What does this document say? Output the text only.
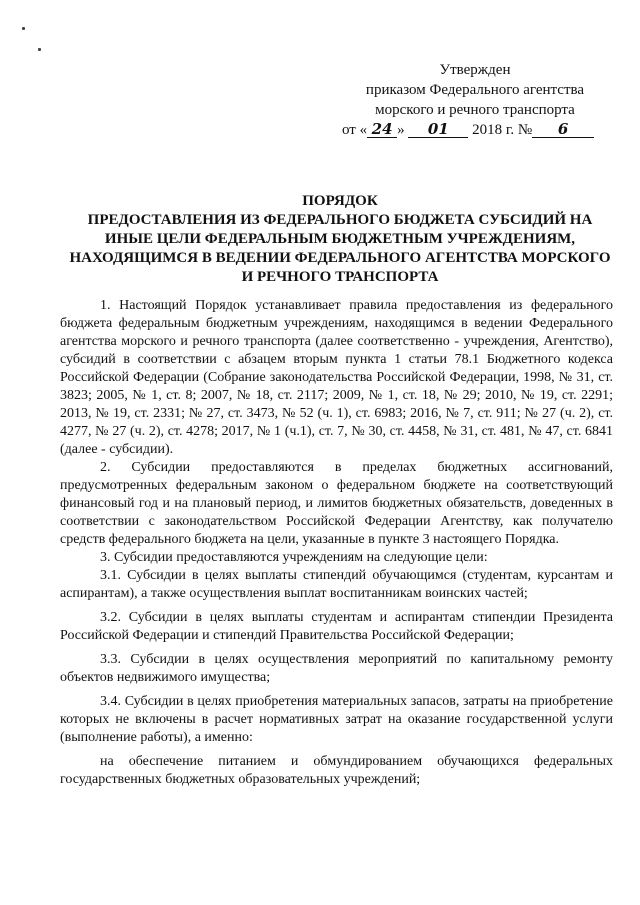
Утвержден
приказом Федерального агентства
морского и речного транспорта
от « 24 » 01 2018 г. № 6
ПОРЯДОК
ПРЕДОСТАВЛЕНИЯ ИЗ ФЕДЕРАЛЬНОГО БЮДЖЕТА СУБСИДИЙ НА
ИНЫЕ ЦЕЛИ ФЕДЕРАЛЬНЫМ БЮДЖЕТНЫМ УЧРЕЖДЕНИЯМ,
НАХОДЯЩИМСЯ В ВЕДЕНИИ ФЕДЕРАЛЬНОГО АГЕНТСТВА МОРСКОГО
И РЕЧНОГО ТРАНСПОРТА

1. Настоящий Порядок устанавливает правила предоставления из федерального бюджета федеральным бюджетным учреждениям, находящимся в ведении Федерального агентства морского и речного транспорта (далее соответственно - учреждения, Агентство), субсидий в соответствии с абзацем вторым пункта 1 статьи 78.1 Бюджетного кодекса Российской Федерации (Собрание законодательства Российской Федерации, 1998, № 31, ст. 3823; 2005, № 1, ст. 8; 2007, № 18, ст. 2117; 2009, № 1, ст. 18, № 29; 2010, № 19, ст. 2291; 2013, № 19, ст. 2331; № 27, ст. 3473, № 52 (ч. 1), ст. 6983; 2016, № 7, ст. 911; № 27 (ч. 2), ст. 4277, № 27 (ч. 2), ст. 4278; 2017, № 1 (ч.1), ст. 7, № 30, ст. 4458, № 31, ст. 481, № 47, ст. 6841 (далее - субсидии).

2. Субсидии предоставляются в пределах бюджетных ассигнований, предусмотренных федеральным законом о федеральном бюджете на соответствующий финансовый год и на плановый период, и лимитов бюджетных обязательств, доведенных в соответствии с законодательством Российской Федерации Агентству, как получателю средств федерального бюджета на цели, указанные в пункте 3 настоящего Порядка.

3. Субсидии предоставляются учреждениям на следующие цели:

3.1. Субсидии в целях выплаты стипендий обучающимся (студентам, курсантам и аспирантам), а также осуществления выплат воспитанникам воинских частей;

3.2. Субсидии в целях выплаты студентам и аспирантам стипендии Президента Российской Федерации и стипендий Правительства Российской Федерации;

3.3. Субсидии в целях осуществления мероприятий по капитальному ремонту объектов недвижимого имущества;

3.4. Субсидии в целях приобретения материальных запасов, затраты на приобретение которых не включены в расчет нормативных затрат на оказание государственной услуги (выполнение работы), а именно:

на обеспечение питанием и обмундированием обучающихся федеральных государственных бюджетных образовательных учреждений;
